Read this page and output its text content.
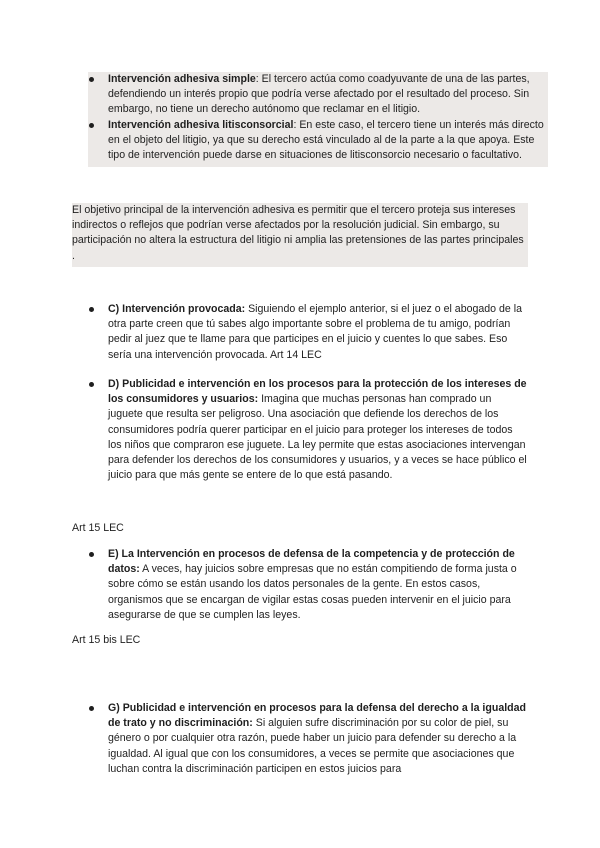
Intervención adhesiva simple: El tercero actúa como coadyuvante de una de las partes, defendiendo un interés propio que podría verse afectado por el resultado del proceso. Sin embargo, no tiene un derecho autónomo que reclamar en el litigio.
Intervención adhesiva litisconsorcial: En este caso, el tercero tiene un interés más directo en el objeto del litigio, ya que su derecho está vinculado al de la parte a la que apoya. Este tipo de intervención puede darse en situaciones de litisconsorcio necesario o facultativo.

El objetivo principal de la intervención adhesiva es permitir que el tercero proteja sus intereses indirectos o reflejos que podrían verse afectados por la resolución judicial. Sin embargo, su participación no altera la estructura del litigio ni amplia las pretensiones de las partes principales .

C) Intervención provocada: Siguiendo el ejemplo anterior, si el juez o el abogado de la otra parte creen que tú sabes algo importante sobre el problema de tu amigo, podrían pedir al juez que te llame para que participes en el juicio y cuentes lo que sabes. Eso sería una intervención provocada. Art 14 LEC
D) Publicidad e intervención en los procesos para la protección de los intereses de los consumidores y usuarios: Imagina que muchas personas han comprado un juguete que resulta ser peligroso. Una asociación que defiende los derechos de los consumidores podría querer participar en el juicio para proteger los intereses de todos los niños que compraron ese juguete. La ley permite que estas asociaciones intervengan para defender los derechos de los consumidores y usuarios, y a veces se hace público el juicio para que más gente se entere de lo que está pasando.
Art 15 LEC
E) La Intervención en procesos de defensa de la competencia y de protección de datos: A veces, hay juicios sobre empresas que no están compitiendo de forma justa o sobre cómo se están usando los datos personales de la gente. En estos casos, organismos que se encargan de vigilar estas cosas pueden intervenir en el juicio para asegurarse de que se cumplen las leyes.
Art 15 bis LEC
G) Publicidad e intervención en procesos para la defensa del derecho a la igualdad de trato y no discriminación: Si alguien sufre discriminación por su color de piel, su género o por cualquier otra razón, puede haber un juicio para defender su derecho a la igualdad. Al igual que con los consumidores, a veces se permite que asociaciones que luchan contra la discriminación participen en estos juicios para
